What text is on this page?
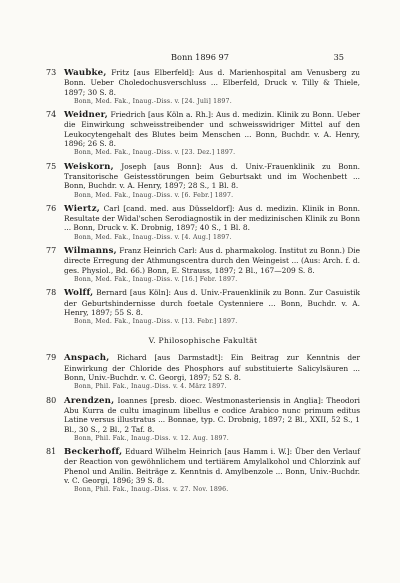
Bonn 1896 97	35
73 Waubke, Fritz [aus Elberfeld]: Aus d. Marienhospital am Venusberg zu Bonn. Ueber Choledochusverschluss ... Elberfeld, Druck v. Tilly & Thiele, 1897; 30 S. 8.
Bonn, Med. Fak., Inaug.-Diss. v. [24. Juli] 1897.
74 Weidner, Friedrich [aus Köln a. Rh.]: Aus d. medizin. Klinik zu Bonn. Ueber die Einwirkung schweisstreibender und schweisswidriger Mittel auf den Leukocytengehalt des Blutes beim Menschen ... Bonn, Buchdr. v. A. Henry, 1896; 26 S. 8.
Bonn, Med. Fak., Inaug.-Diss. v. [23. Dez.] 1897.
75 Weiskorn, Joseph [aus Bonn]: Aus d. Univ.-Frauenklinik zu Bonn. Transitorische Geistesstörungen beim Geburtsakt und im Wochenbett ... Bonn, Buchdr. v. A. Henry, 1897; 28 S., 1 Bl. 8.
Bonn, Med. Fak., Inaug.-Diss. v. [6. Febr.] 1897.
76 Wiertz, Carl [cand. med. aus Düsseldorf]: Aus d. medizin. Klinik in Bonn. Resultate der Widal'schen Serodiagnostik in der medizinischen Klinik zu Bonn ... Bonn, Druck v. K. Drobnig, 1897; 40 S., 1 Bl. 8.
Bonn, Med. Fak., Inaug.-Diss. v. [4. Aug.] 1897.
77 Wilmanns, Franz Heinrich Carl: Aus d. pharmakolog. Institut zu Bonn.) Die directe Erregung der Athmungscentra durch den Weingeist ... (Aus: Arch. f. d. ges. Physiol., Bd. 66.) Bonn, E. Strauss, 1897; 2 Bl., 167—209 S. 8.
Bonn, Med. Fak., Inaug.-Diss. v. [16.] Febr. 1897.
78 Wolff, Bernard [aus Köln]: Aus d. Univ.-Frauenklinik zu Bonn. Zur Casuistik der Geburtshindernisse durch foetale Cystenniere ... Bonn, Buchdr. v. A. Henry, 1897; 55 S. 8.
Bonn, Med. Fak., Inaug.-Diss. v. [13. Febr.] 1897.
V. Philosophische Fakultät
79 Anspach, Richard [aus Darmstadt]: Ein Beitrag zur Kenntnis der Einwirkung der Chloride des Phosphors auf substituierte Salicylsäuren ... Bonn, Univ.-Buchdr. v. C. Georgi, 1897; 52 S. 8.
Bonn, Phil. Fak., Inaug.-Diss. v. 4. März 1897.
80 Arendzen, Ioannes [presb. dioec. Westmonasteriensis in Anglia]: Theodori Abu Kurra de cultu imaginum libellus e codice Arabico nunc primum editus Latine versus illustratus ... Bonnae, typ. C. Drobnig, 1897; 2 Bl., XXII, 52 S., 1 Bl., 30 S., 2 Bl., 2 Taf. 8.
Bonn, Phil. Fak., Inaug.-Diss. v. 12. Aug. 1897.
81 Beckerhoff, Eduard Wilhelm Heinrich [aus Hamm i. W.]: Über den Verlauf der Reaction von gewöhnlichem und tertiärem Amylalkohol und Chlorzink auf Phenol und Anilin. Beiträge z. Kenntnis d. Amylbenzole ... Bonn, Univ.-Buchdr. v. C. Georgi, 1896; 39 S. 8.
Bonn, Phil. Fak., Inaug.-Diss. v. 27. Nov. 1896.
